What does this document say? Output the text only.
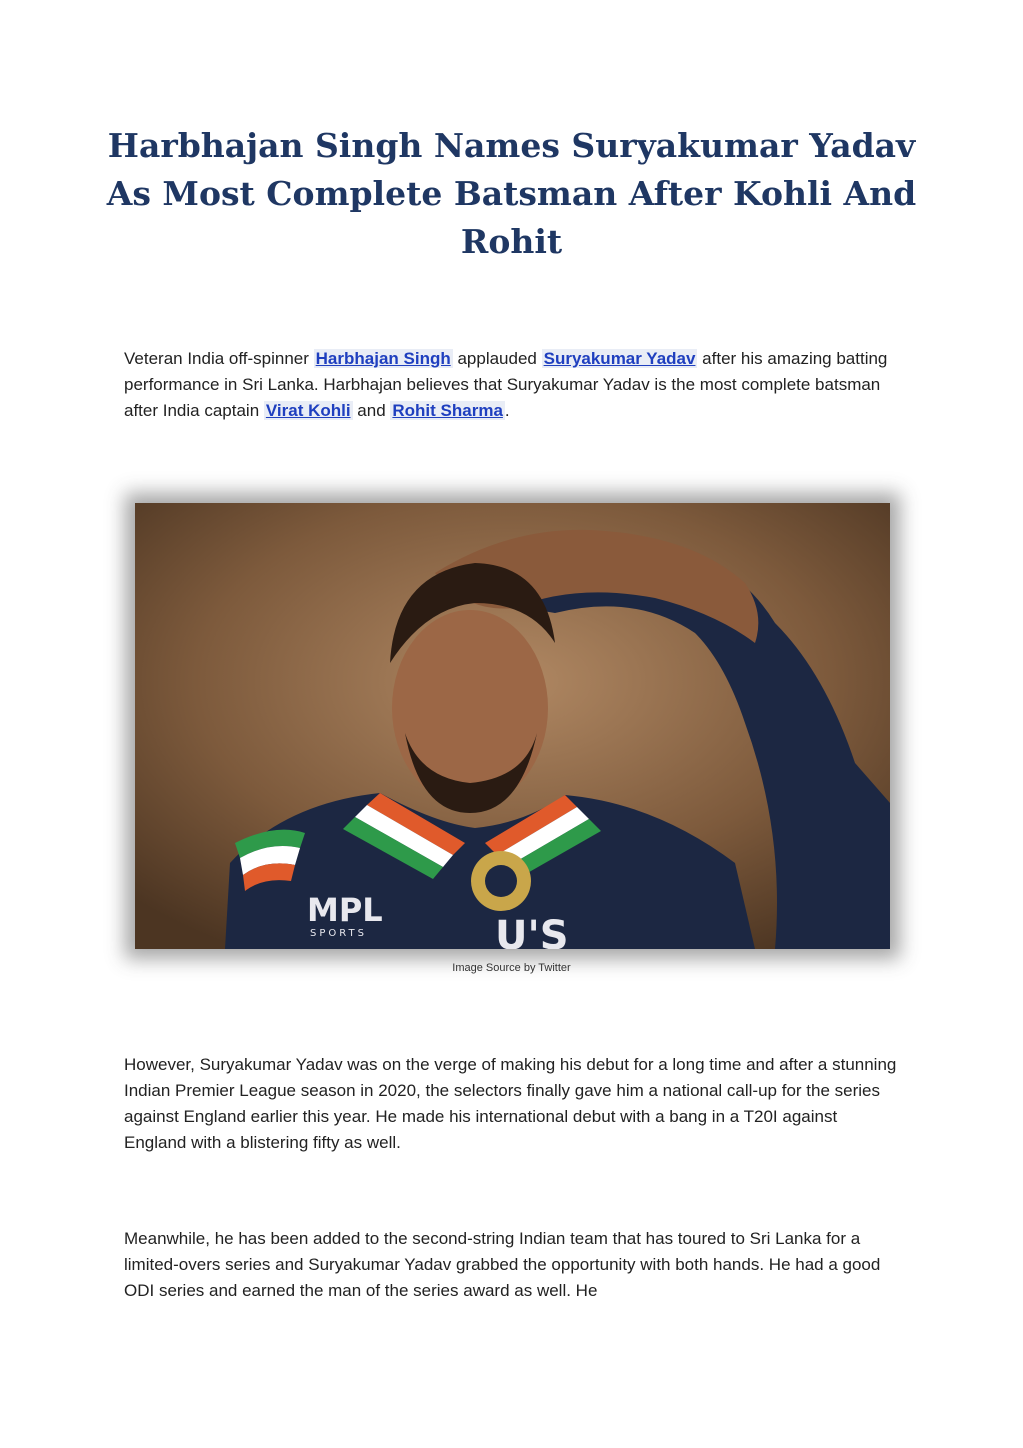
Harbhajan Singh Names Suryakumar Yadav As Most Complete Batsman After Kohli And Rohit

Veteran India off-spinner Harbhajan Singh applauded Suryakumar Yadav after his amazing batting performance in Sri Lanka. Harbhajan believes that Suryakumar Yadav is the most complete batsman after India captain Virat Kohli and Rohit Sharma .

MPL
SPORTS	U'S

Image Source by Twitter

However, Suryakumar Yadav was on the verge of making his debut for a long time and after a stunning Indian Premier League season in 2020, the selectors finally gave him a national call-up for the series against England earlier this year. He made his international debut with a bang in a T20I against England with a blistering fifty as well.

Meanwhile, he has been added to the second-string Indian team that has toured to Sri Lanka for a limited-overs series and Suryakumar Yadav grabbed the opportunity with both hands. He had a good ODI series and earned the man of the series award as well. He
